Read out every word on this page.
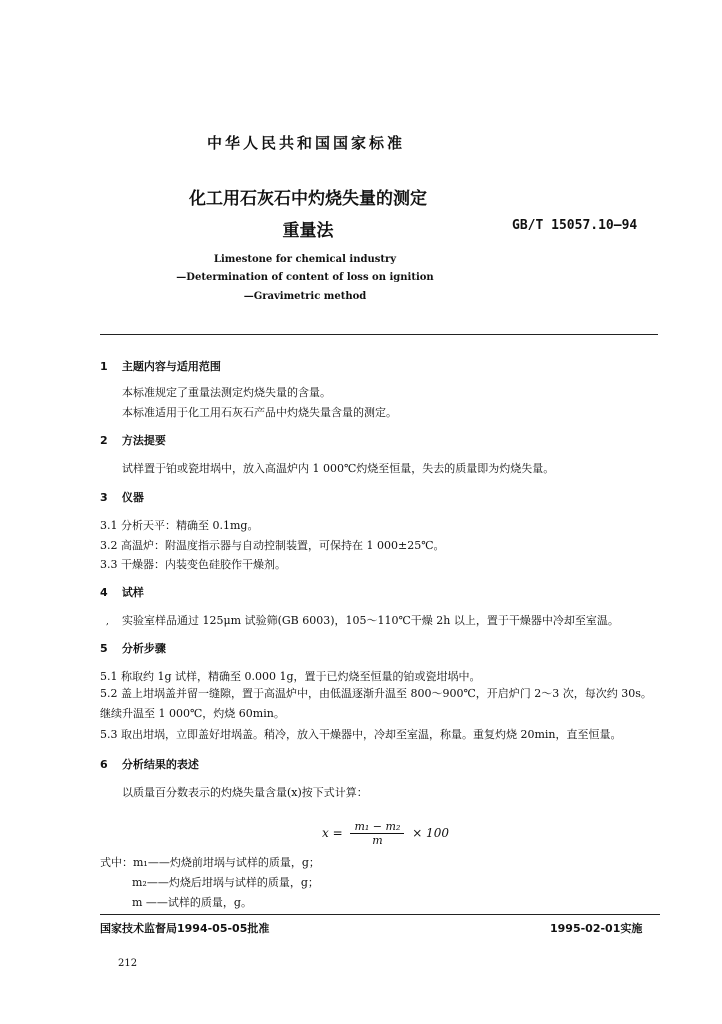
中华人民共和国国家标准
化工用石灰石中灼烧失量的测定
重量法	GB/T 15057.10—94
Limestone for chemical industry
—Determination of content of loss on ignition
—Gravimetric method
1 主题内容与适用范围
本标准规定了重量法测定灼烧失量的含量。
本标准适用于化工用石灰石产品中灼烧失量含量的测定。
2 方法提要
试样置于铂或瓷坩埚中，放入高温炉内 1 000℃灼烧至恒量，失去的质量即为灼烧失量。
3 仪器
3.1 分析天平：精确至 0.1mg。
3.2 高温炉：附温度指示器与自动控制装置，可保持在 1 000±25℃。
3.3 干燥器：内装变色硅胶作干燥剂。
4 试样
, 实验室样品通过 125μm 试验筛(GB 6003)，105～110℃干燥 2h 以上，置于干燥器中冷却至室温。
5 分析步骤
5.1 称取约 1g 试样，精确至 0.000 1g，置于已灼烧至恒量的铂或瓷坩埚中。
5.2 盖上坩埚盖并留一缝隙，置于高温炉中，由低温逐渐升温至 800～900℃，开启炉门 2～3 次，每次约 30s。继续升温至 1 000℃，灼烧 60min。
5.3 取出坩埚，立即盖好坩埚盖。稍冷，放入干燥器中，冷却至室温，称量。重复灼烧 20min，直至恒量。
6 分析结果的表述
以质量百分数表示的灼烧失量含量(x)按下式计算：
$x = \frac{\text{m₁ − m₂}}{m} \times 100$
式中：m₁——灼烧前坩埚与试样的质量，g；
m₂——灼烧后坩埚与试样的质量，g；
m ——试样的质量，g。
国家技术监督局1994-05-05批准	1995-02-01实施
212
